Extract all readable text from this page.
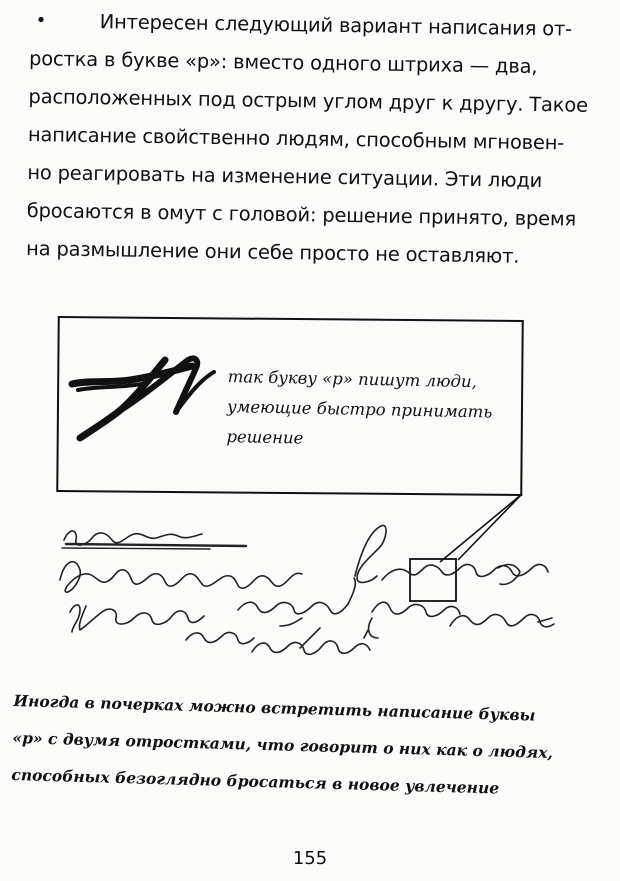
•	Интересен следующий вариант написания от-
ростка в букве «р»: вместо одного штриха — два,
расположенных под острым углом друг к другу. Такое
написание свойственно людям, способным мгновен-
но реагировать на изменение ситуации. Эти люди
бросаются в омут с головой: решение принято, время
на размышление они себе просто не оставляют.
так букву «р» пишут люди,
умеющие быстро принимать
решение
Иногда в почерках можно встретить написание буквы
«р» с двумя отростками, что говорит о них как о людях,
способных безоглядно бросаться в новое увлечение
155
